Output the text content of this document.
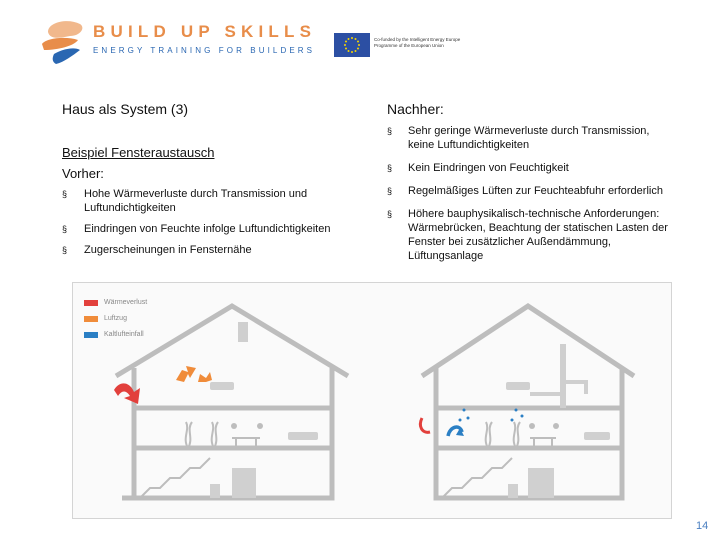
BUILD UP SKILLS
ENERGY TRAINING FOR BUILDERS
Co-funded by the Intelligent Energy Europe Programme of the European Union
Haus als System (3)
Beispiel Fensteraustausch
Vorher:
§ Hohe Wärmeverluste durch Transmission und Luftundichtigkeiten
§ Eindringen von Feuchte infolge Luftundichtigkeiten
§ Zugerscheinungen in Fensternähe
Nachher:
§ Sehr geringe Wärmeverluste durch Transmission, keine Luftundichtigkeiten
§ Kein Eindringen von Feuchtigkeit
§ Regelmäßiges Lüften zur Feuchteabfuhr erforderlich
§ Höhere bauphysikalisch-technische Anforderungen: Wärmebrücken, Beachtung der statischen Lasten der Fenster bei zusätzlicher Außendämmung, Lüftungsanlage
Wärmeverlust
Luftzug
Kaltlufteinfall
14
